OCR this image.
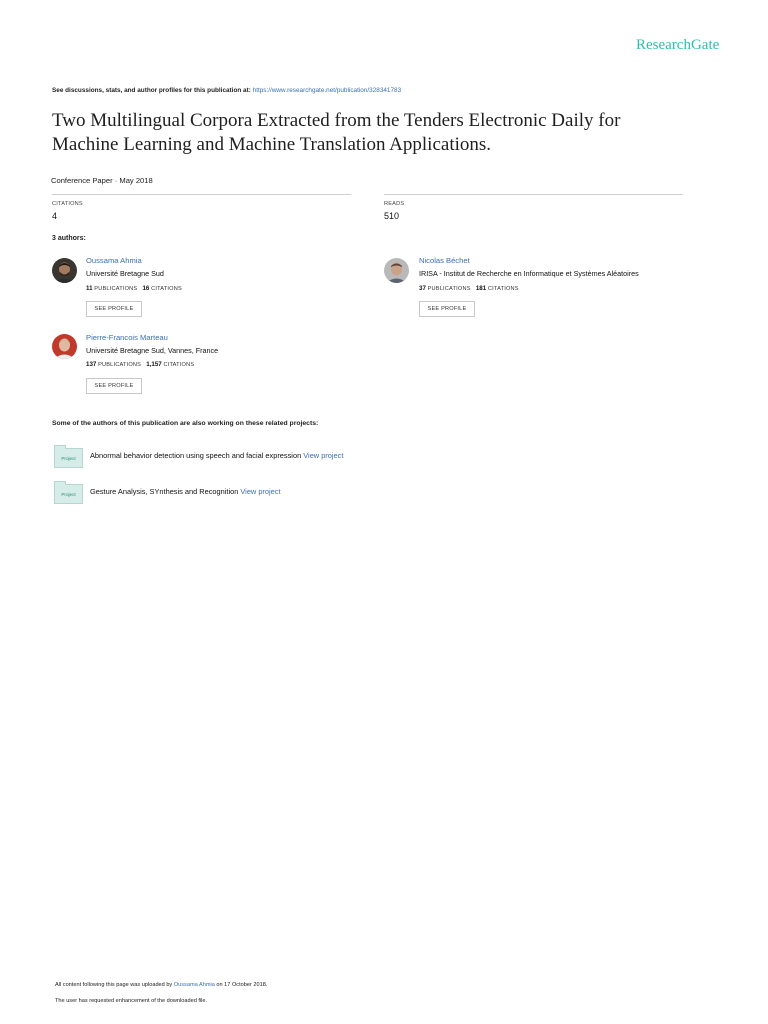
ResearchGate
See discussions, stats, and author profiles for this publication at: https://www.researchgate.net/publication/328341783
Two Multilingual Corpora Extracted from the Tenders Electronic Daily for
Machine Learning and Machine Translation Applications.
Conference Paper · May 2018
CITATIONS
4
READS
510
3 authors:
Oussama Ahmia
Université Bretagne Sud
11 PUBLICATIONS 16 CITATIONS
SEE PROFILE
Nicolas Béchet
IRISA - Institut de Recherche en Informatique et Systèmes Aléatoires
37 PUBLICATIONS 181 CITATIONS
SEE PROFILE
Pierre-Francois Marteau
Université Bretagne Sud, Vannes, France
137 PUBLICATIONS 1,157 CITATIONS
SEE PROFILE
Some of the authors of this publication are also working on these related projects:
Project	Abnormal behavior detection using speech and facial expression View project
Project	Gesture Analysis, SYnthesis and Recognition View project
All content following this page was uploaded by Oussama Ahmia on 17 October 2018.
The user has requested enhancement of the downloaded file.
